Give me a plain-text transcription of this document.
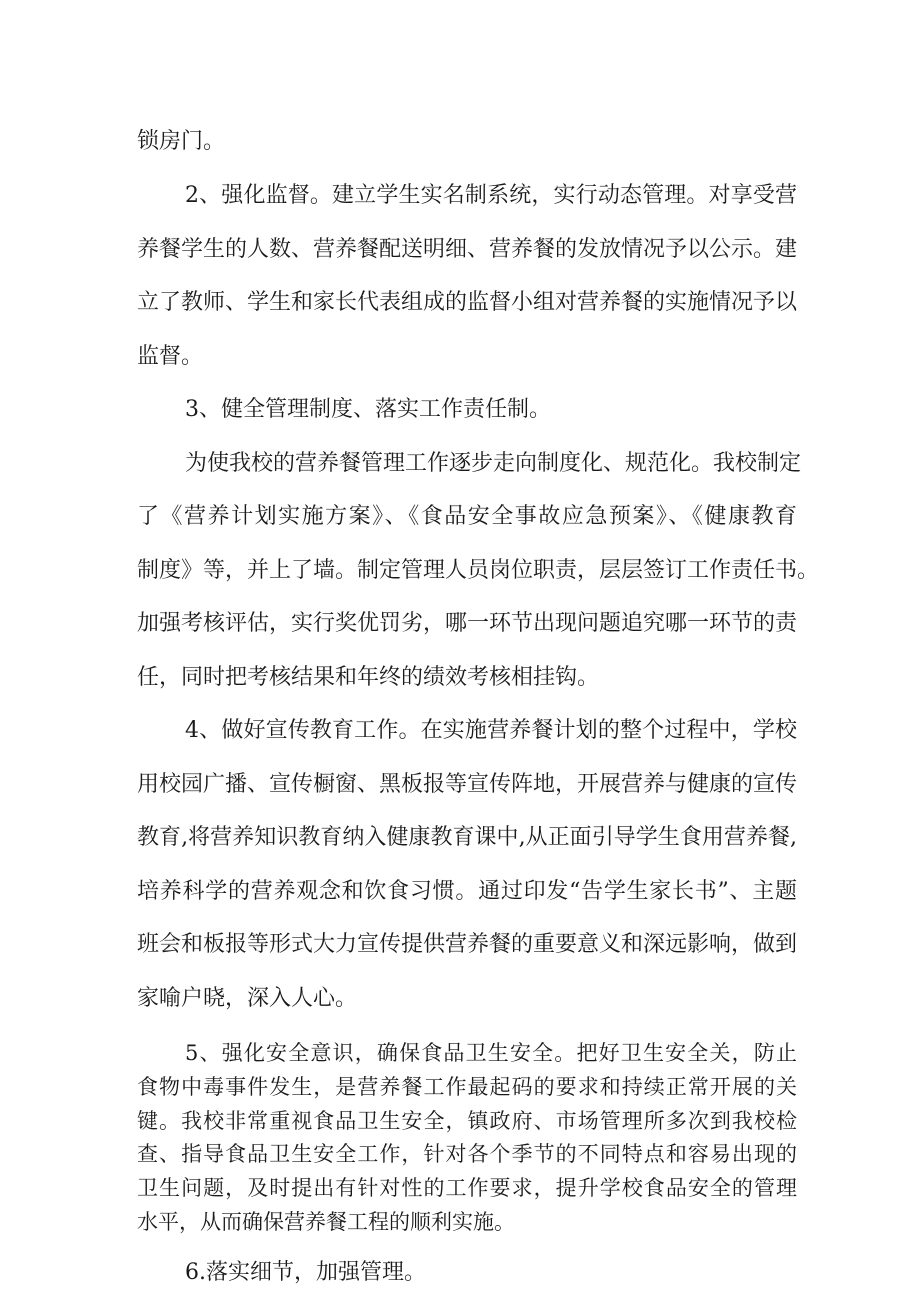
锁房门。
2、强化监督。建立学生实名制系统，实行动态管理。对享受营
养餐学生的人数、营养餐配送明细、营养餐的发放情况予以公示。建
立了教师、学生和家长代表组成的监督小组对营养餐的实施情况予以
监督。
3、健全管理制度、落实工作责任制。
为使我校的营养餐管理工作逐步走向制度化、规范化。我校制定
了《营养计划实施方案》、《食品安全事故应急预案》、《健康教育
制度》等，并上了墙。制定管理人员岗位职责，层层签订工作责任书。
加强考核评估，实行奖优罚劣，哪一环节出现问题追究哪一环节的责
任，同时把考核结果和年终的绩效考核相挂钩。
4、做好宣传教育工作。在实施营养餐计划的整个过程中，学校
用校园广播、宣传橱窗、黑板报等宣传阵地，开展营养与健康的宣传
教育,将营养知识教育纳入健康教育课中,从正面引导学生食用营养餐,
培养科学的营养观念和饮食习惯。通过印发“告学生家长书”、主题
班会和板报等形式大力宣传提供营养餐的重要意义和深远影响，做到
家喻户晓，深入人心。
5、强化安全意识，确保食品卫生安全。把好卫生安全关，防止
食物中毒事件发生，是营养餐工作最起码的要求和持续正常开展的关
键。我校非常重视食品卫生安全，镇政府、市场管理所多次到我校检
查、指导食品卫生安全工作，针对各个季节的不同特点和容易出现的
卫生问题，及时提出有针对性的工作要求，提升学校食品安全的管理
水平，从而确保营养餐工程的顺利实施。
6.落实细节，加强管理。
